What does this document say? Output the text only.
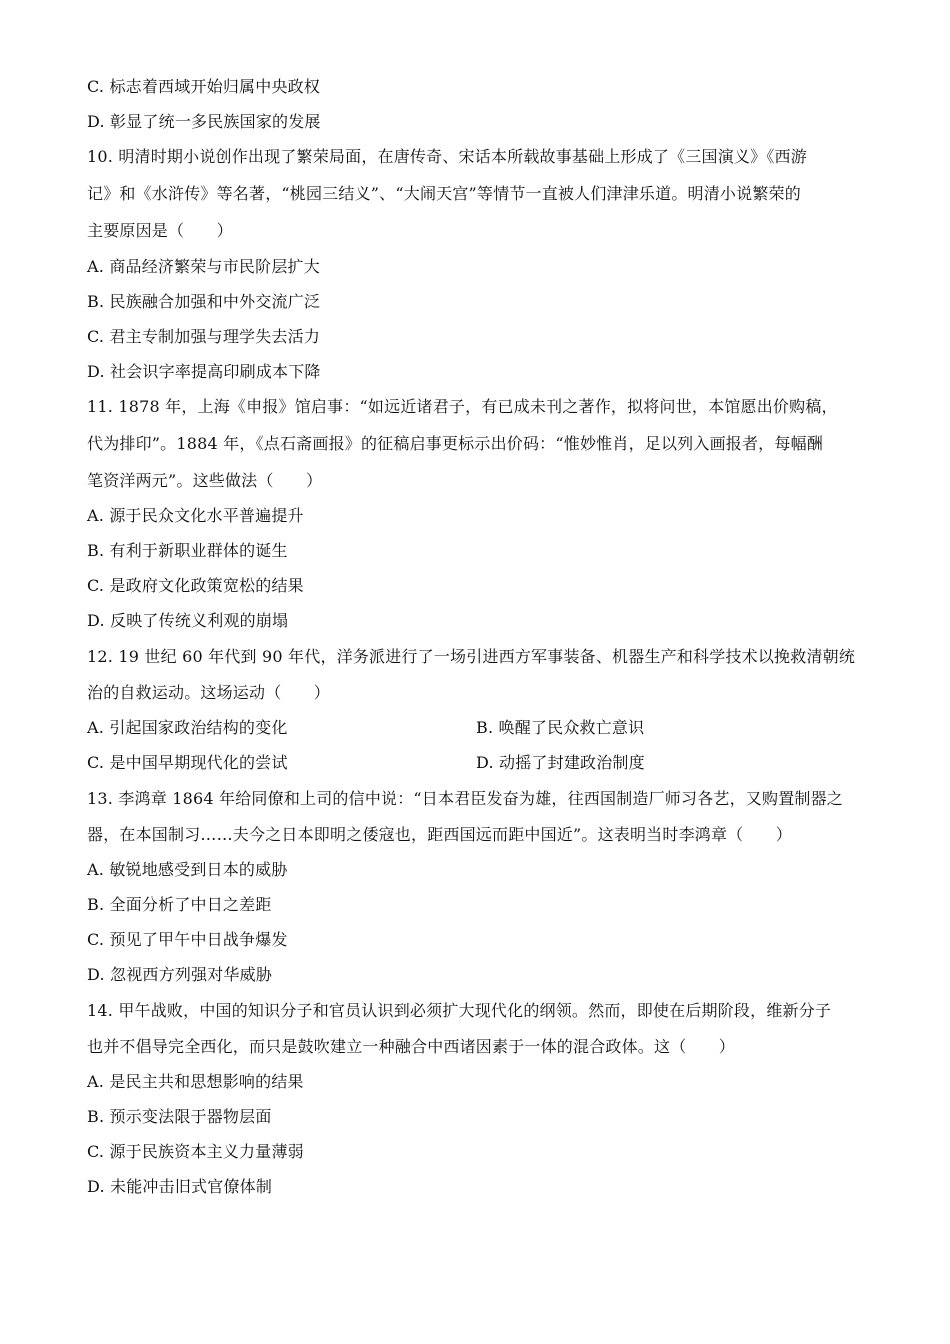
C. 标志着西域开始归属中央政权
D. 彰显了统一多民族国家的发展
10. 明清时期小说创作出现了繁荣局面，在唐传奇、宋话本所载故事基础上形成了《三国演义》《西游
记》和《水浒传》等名著，“桃园三结义”、“大闹天宫”等情节一直被人们津津乐道。明清小说繁荣的
主要原因是（　　）
A. 商品经济繁荣与市民阶层扩大
B. 民族融合加强和中外交流广泛
C. 君主专制加强与理学失去活力
D. 社会识字率提高印刷成本下降
11. 1878 年，上海《申报》馆启事：“如远近诸君子，有已成未刊之著作，拟将问世，本馆愿出价购稿，
代为排印”。1884 年，《点石斋画报》的征稿启事更标示出价码：“惟妙惟肖，足以列入画报者，每幅酬
笔资洋两元”。这些做法（　　）
A. 源于民众文化水平普遍提升
B. 有利于新职业群体的诞生
C. 是政府文化政策宽松的结果
D. 反映了传统义利观的崩塌
12. 19 世纪 60 年代到 90 年代，洋务派进行了一场引进西方军事装备、机器生产和科学技术以挽救清朝统
治的自救运动。这场运动（　　）
A. 引起国家政治结构的变化	B. 唤醒了民众救亡意识
C. 是中国早期现代化的尝试	D. 动摇了封建政治制度
13. 李鸿章 1864 年给同僚和上司的信中说：“日本君臣发奋为雄，往西国制造厂师习各艺，又购置制器之
器，在本国制习……夫今之日本即明之倭寇也，距西国远而距中国近”。这表明当时李鸿章（　　）
A. 敏锐地感受到日本的威胁
B. 全面分析了中日之差距
C. 预见了甲午中日战争爆发
D. 忽视西方列强对华威胁
14. 甲午战败，中国的知识分子和官员认识到必须扩大现代化的纲领。然而，即使在后期阶段，维新分子
也并不倡导完全西化，而只是鼓吹建立一种融合中西诸因素于一体的混合政体。这（　　）
A. 是民主共和思想影响的结果
B. 预示变法限于器物层面
C. 源于民族资本主义力量薄弱
D. 未能冲击旧式官僚体制
